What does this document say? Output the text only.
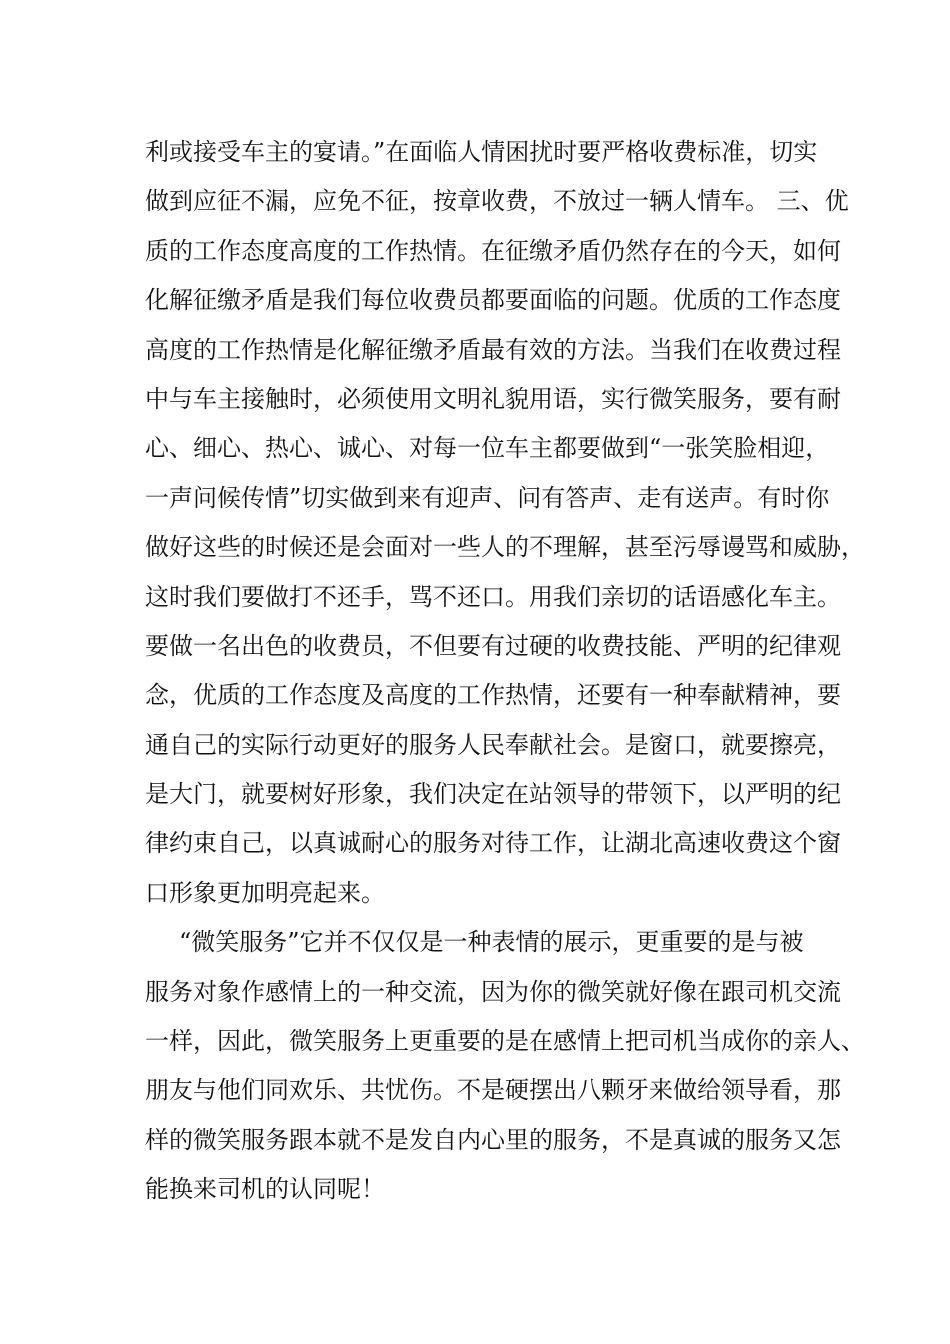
利或接受车主的宴请。”在面临人情困扰时要严格收费标准，切实
做到应征不漏，应免不征，按章收费，不放过一辆人情车。 三、优
质的工作态度高度的工作热情。在征缴矛盾仍然存在的今天，如何
化解征缴矛盾是我们每位收费员都要面临的问题。优质的工作态度
高度的工作热情是化解征缴矛盾最有效的方法。当我们在收费过程
中与车主接触时，必须使用文明礼貌用语，实行微笑服务，要有耐
心、细心、热心、诚心、对每一位车主都要做到“一张笑脸相迎，
一声问候传情”切实做到来有迎声、问有答声、走有送声。有时你
做好这些的时候还是会面对一些人的不理解，甚至污辱谩骂和威胁，
这时我们要做打不还手，骂不还口。用我们亲切的话语感化车主。
要做一名出色的收费员，不但要有过硬的收费技能、严明的纪律观
念，优质的工作态度及高度的工作热情，还要有一种奉献精神，要
通自己的实际行动更好的服务人民奉献社会。是窗口，就要擦亮，
是大门，就要树好形象，我们决定在站领导的带领下，以严明的纪
律约束自己，以真诚耐心的服务对待工作，让湖北高速收费这个窗
口形象更加明亮起来。
“微笑服务”它并不仅仅是一种表情的展示，更重要的是与被
服务对象作感情上的一种交流，因为你的微笑就好像在跟司机交流
一样，因此，微笑服务上更重要的是在感情上把司机当成你的亲人、
朋友与他们同欢乐、共忧伤。不是硬摆出八颗牙来做给领导看，那
样的微笑服务跟本就不是发自内心里的服务，不是真诚的服务又怎
能换来司机的认同呢！
